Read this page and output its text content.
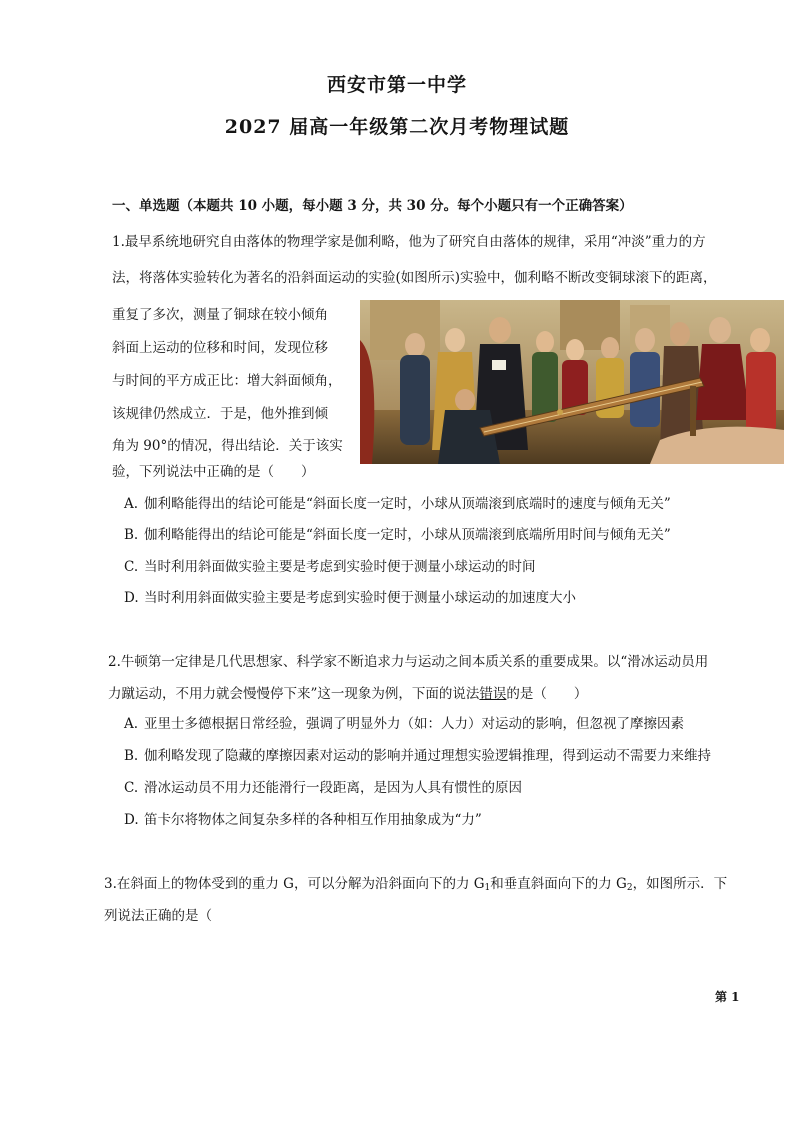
西安市第一中学
2027 届高一年级第二次月考物理试题
一、单选题（本题共 10 小题，每小题 3 分，共 30 分。每个小题只有一个正确答案）
1.最早系统地研究自由落体的物理学家是伽利略，他为了研究自由落体的规律，采用“冲淡”重力的方
法，将落体实验转化为著名的沿斜面运动的实验(如图所示)实验中，伽利略不断改变铜球滚下的距离，
重复了多次，测量了铜球在较小倾角
斜面上运动的位移和时间，发现位移
与时间的平方成正比：增大斜面倾角，
该规律仍然成立．于是，他外推到倾
角为 90°的情况，得出结论．关于该实
验，下列说法中正确的是（　　）
A. 伽利略能得出的结论可能是“斜面长度一定时，小球从顶端滚到底端时的速度与倾角无关”
B. 伽利略能得出的结论可能是“斜面长度一定时，小球从顶端滚到底端所用时间与倾角无关”
C. 当时利用斜面做实验主要是考虑到实验时便于测量小球运动的时间
D. 当时利用斜面做实验主要是考虑到实验时便于测量小球运动的加速度大小
2.牛顿第一定律是几代思想家、科学家不断追求力与运动之间本质关系的重要成果。以“滑冰运动员用
力蹴运动，不用力就会慢慢停下来”这一现象为例，下面的说法错误的是（　　）
A. 亚里士多德根据日常经验，强调了明显外力（如：人力）对运动的影响，但忽视了摩擦因素
B. 伽利略发现了隐藏的摩擦因素对运动的影响并通过理想实验逻辑推理，得到运动不需要力来维持
C. 滑冰运动员不用力还能滑行一段距离，是因为人具有惯性的原因
D. 笛卡尔将物体之间复杂多样的各种相互作用抽象成为“力”
3.在斜面上的物体受到的重力 G，可以分解为沿斜面向下的力 $G_1$和垂直斜面向下的力 $G_2$，如图所示．下
列说法正确的是（
第 1
